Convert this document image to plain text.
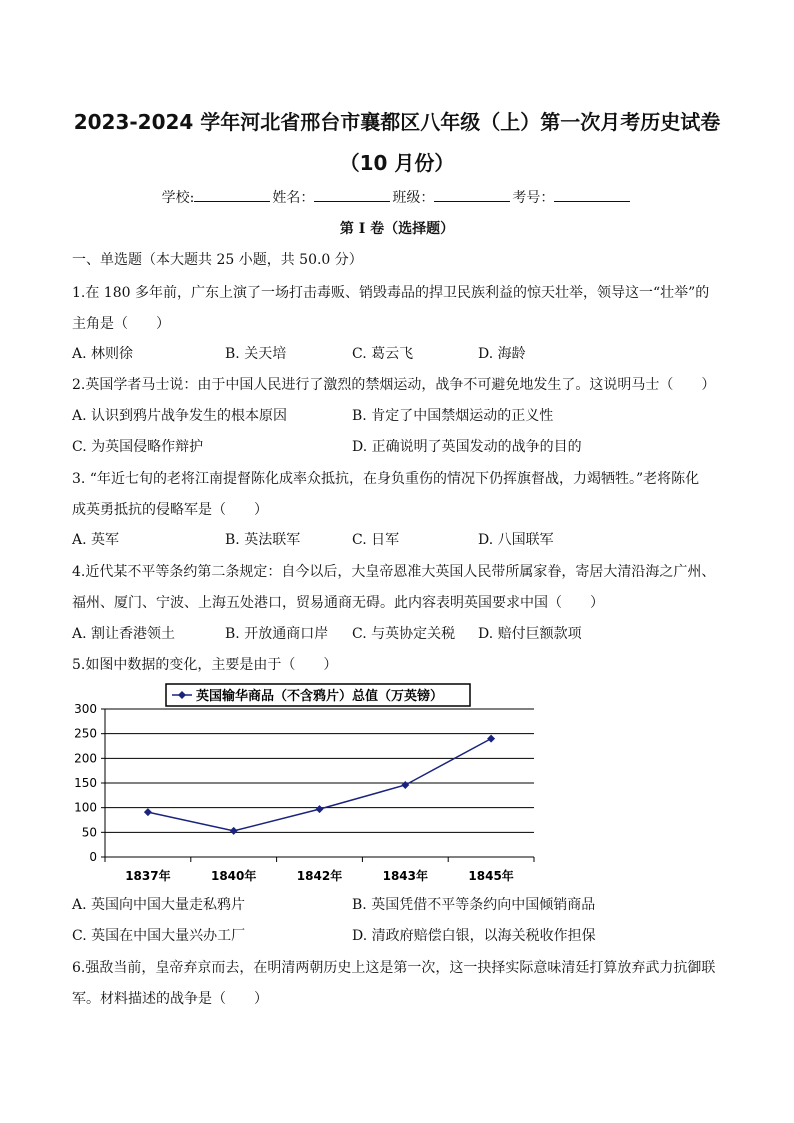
2023-2024 学年河北省邢台市襄都区八年级（上）第一次月考历史试卷
（10 月份）
学校:	姓名：	班级：	考号：
第 I 卷（选择题）
一、单选题（本大题共 25 小题，共 50.0 分）
1.在 180 多年前，广东上演了一场打击毒贩、销毁毒品的捍卫民族利益的惊天壮举，领导这一“壮举”的
主角是（　　）
A. 林则徐	B. 关天培	C. 葛云飞	D. 海龄
2.英国学者马士说：由于中国人民进行了激烈的禁烟运动，战争不可避免地发生了。这说明马士（　　）
A. 认识到鸦片战争发生的根本原因	B. 肯定了中国禁烟运动的正义性
C. 为英国侵略作辩护	D. 正确说明了英国发动的战争的目的
3. “年近七旬的老将江南提督陈化成率众抵抗，在身负重伤的情况下仍挥旗督战，力竭牺牲。”老将陈化
成英勇抵抗的侵略军是（　　）
A. 英军	B. 英法联军	C. 日军	D. 八国联军
4.近代某不平等条约第二条规定：自今以后，大皇帝恩准大英国人民带所属家眷，寄居大清沿海之广州、
福州、厦门、宁波、上海五处港口，贸易通商无碍。此内容表明英国要求中国（　　）
A. 割让香港领土	B. 开放通商口岸 C. 与英协定关税 D. 赔付巨额款项
5.如图中数据的变化，主要是由于（　　）
0
50
100
150
200
250
300
1837年	1840年	1842年	1843年	1845年
英国输华商品（不含鸦片）总值（万英镑）
A. 英国向中国大量走私鸦片	B. 英国凭借不平等条约向中国倾销商品
C. 英国在中国大量兴办工厂	D. 清政府赔偿白银，以海关税收作担保
6.强敌当前，皇帝弃京而去，在明清两朝历史上这是第一次，这一抉择实际意味清廷打算放弃武力抗御联
军。材料描述的战争是（　　）
